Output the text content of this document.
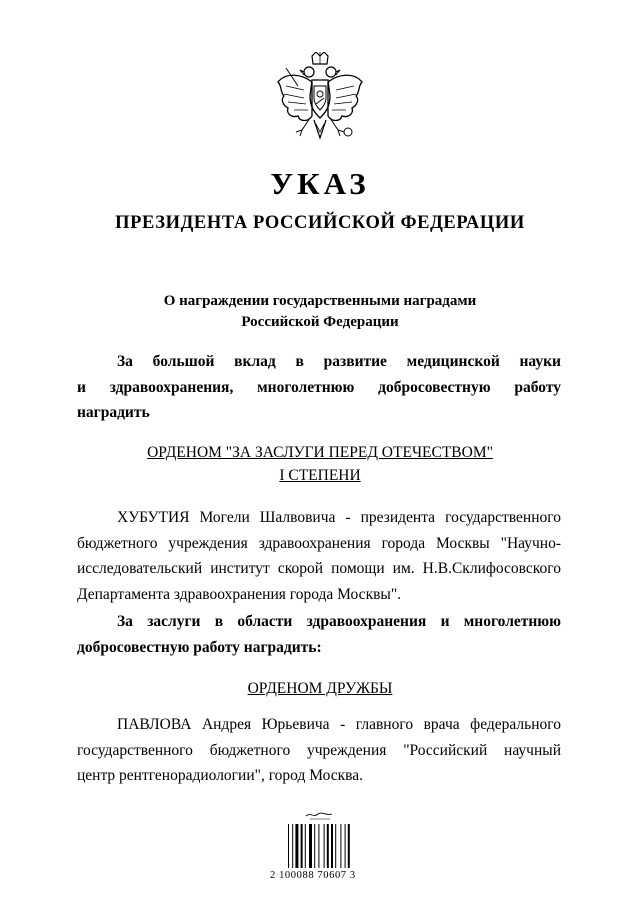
УКАЗ
ПРЕЗИДЕНТА РОССИЙСКОЙ ФЕДЕРАЦИИ
О награждении государственными наградами
Российской Федерации
За большой вклад в развитие медицинской науки
и здравоохранения, многолетнюю добросовестную работу
наградить
ОРДЕНОМ "ЗА ЗАСЛУГИ ПЕРЕД ОТЕЧЕСТВОМ"
I СТЕПЕНИ
ХУБУТИЯ Могели Шалвовича - президента государственного
бюджетного учреждения здравоохранения города Москвы "Научно-
исследовательский институт скорой помощи им. Н.В.Склифосовского
Департамента здравоохранения города Москвы".
За заслуги в области здравоохранения и многолетнюю
добросовестную работу наградить:
ОРДЕНОМ ДРУЖБЫ
ПАВЛОВА Андрея Юрьевича - главного врача федерального
государственного бюджетного учреждения "Российский научный
центр рентгенорадиологии", город Москва.
2 100088 70607 3
